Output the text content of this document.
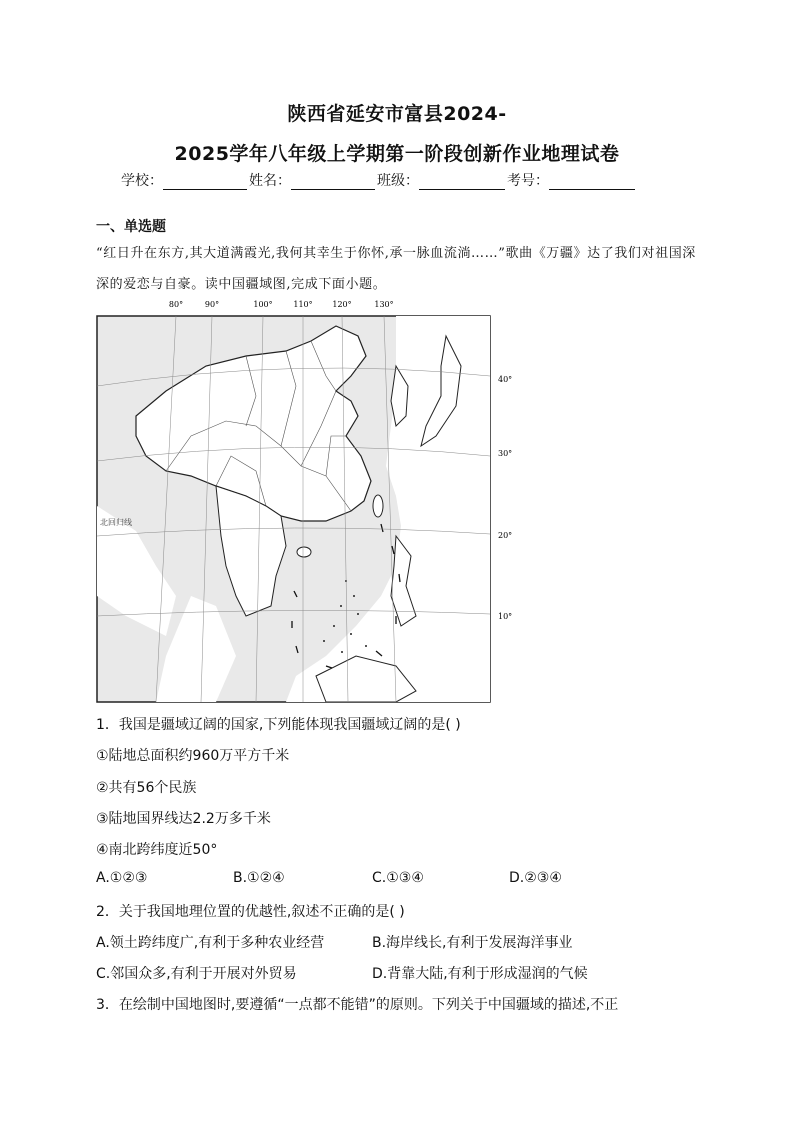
陕西省延安市富县2024-
2025学年八年级上学期第一阶段创新作业地理试卷
学校：	姓名：	班级：	考号：
一、单选题
“红日升在东方,其大道满霞光,我何其幸生于你怀,承一脉血流淌……”歌曲《万疆》达了我们对祖国深深的爱恋与自豪。读中国疆域图,完成下面小题。
80°	90°	100°	110° 120°	130°
40°
30°
20°
10°
北回归线
1．我国是疆域辽阔的国家,下列能体现我国疆域辽阔的是( )
①陆地总面积约960万平方千米
②共有56个民族
③陆地国界线达2.2万多千米
④南北跨纬度近50°
A.①②③	B.①②④	C.①③④	D.②③④
2．关于我国地理位置的优越性,叙述不正确的是( )
A.领土跨纬度广,有利于多种农业经营	B.海岸线长,有利于发展海洋事业
C.邻国众多,有利于开展对外贸易	D.背靠大陆,有利于形成湿润的气候
3．在绘制中国地图时,要遵循“一点都不能错”的原则。下列关于中国疆域的描述,不正
